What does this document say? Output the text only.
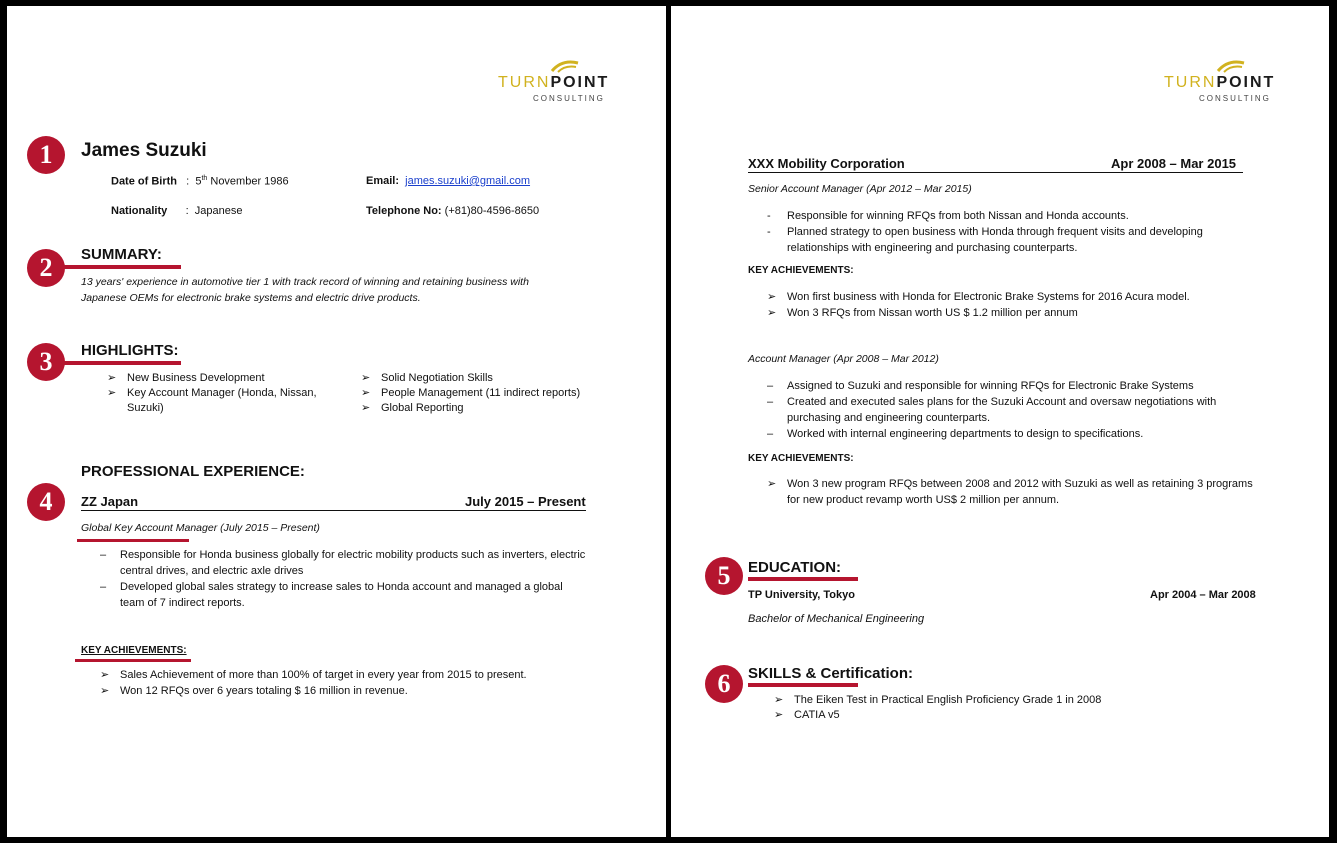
TURNPOINT
CONSULTING
1	James Suzuki
Date of Birth   :  5th November 1986
Nationality      :  Japanese
Email: james.suzuki@gmail.com
Telephone No: (+81)80-4596-8650
2	SUMMARY:
13 years' experience in automotive tier 1 with track record of winning and retaining business with Japanese OEMs for electronic brake systems and electric drive products.
3	HIGHLIGHTS:
➢ New Business Development
➢ Key Account Manager (Honda, Nissan, Suzuki)
➢ Solid Negotiation Skills
➢ People Management (11 indirect reports)
➢ Global Reporting
PROFESSIONAL EXPERIENCE:
4	ZZ Japan	July 2015 – Present
Global Key Account Manager (July 2015 – Present)
– Responsible for Honda business globally for electric mobility products such as inverters, electric central drives, and electric axle drives
– Developed global sales strategy to increase sales to Honda account and managed a global team of 7 indirect reports.
KEY ACHIEVEMENTS:
➢ Sales Achievement of more than 100% of target in every year from 2015 to present.
➢ Won 12 RFQs over 6 years totaling $ 16 million in revenue.
TURNPOINT
CONSULTING
XXX Mobility Corporation	Apr 2008 – Mar 2015
Senior Account Manager (Apr 2012 – Mar 2015)
- Responsible for winning RFQs from both Nissan and Honda accounts.
- Planned strategy to open business with Honda through frequent visits and developing relationships with engineering and purchasing counterparts.
KEY ACHIEVEMENTS:
➢ Won first business with Honda for Electronic Brake Systems for 2016 Acura model.
➢ Won 3 RFQs from Nissan worth US $ 1.2 million per annum
Account Manager (Apr 2008 – Mar 2012)
– Assigned to Suzuki and responsible for winning RFQs for Electronic Brake Systems
– Created and executed sales plans for the Suzuki Account and oversaw negotiations with purchasing and engineering counterparts.
– Worked with internal engineering departments to design to specifications.
KEY ACHIEVEMENTS:
➢ Won 3 new program RFQs between 2008 and 2012 with Suzuki as well as retaining 3 programs for new product revamp worth US$ 2 million per annum.
5	EDUCATION:
TP University, Tokyo	Apr 2004 – Mar 2008
Bachelor of Mechanical Engineering
6	SKILLS & Certification:
➢ The Eiken Test in Practical English Proficiency Grade 1 in 2008
➢ CATIA v5
